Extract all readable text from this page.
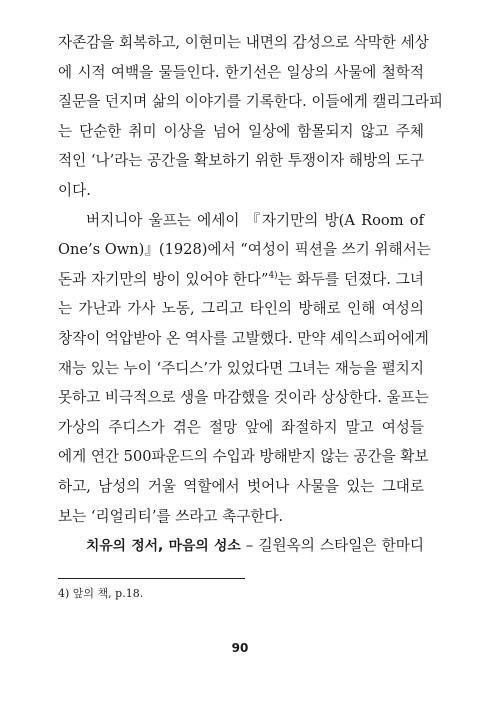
자존감을 회복하고, 이현미는 내면의 감성으로 삭막한 세상
에 시적 여백을 물들인다. 한기선은 일상의 사물에 철학적
질문을 던지며 삶의 이야기를 기록한다. 이들에게 캘리그라피
는 단순한 취미 이상을 넘어 일상에 함몰되지 않고 주체
적인 ‘나’라는 공간을 확보하기 위한 투쟁이자 해방의 도구
이다.
버지니아 울프는 에세이 『자기만의 방(A Room of
One’s Own)』(1928)에서 “여성이 픽션을 쓰기 위해서는
돈과 자기만의 방이 있어야 한다”$^{4)}$는 화두를 던졌다. 그녀
는 가난과 가사 노동, 그리고 타인의 방해로 인해 여성의
창작이 억압받아 온 역사를 고발했다. 만약 셰익스피어에게
재능 있는 누이 ‘주디스’가 있었다면 그녀는 재능을 펼치지
못하고 비극적으로 생을 마감했을 것이라 상상한다. 울프는
가상의 주디스가 겪은 절망 앞에 좌절하지 말고 여성들
에게 연간 500파운드의 수입과 방해받지 않는 공간을 확보
하고, 남성의 거울 역할에서 벗어나 사물을 있는 그대로
보는 ‘리얼리티’를 쓰라고 촉구한다.
치유의 정서, 마음의 성소 – 길원옥의 스타일은 한마디
4) 앞의 책, p.18.
90
